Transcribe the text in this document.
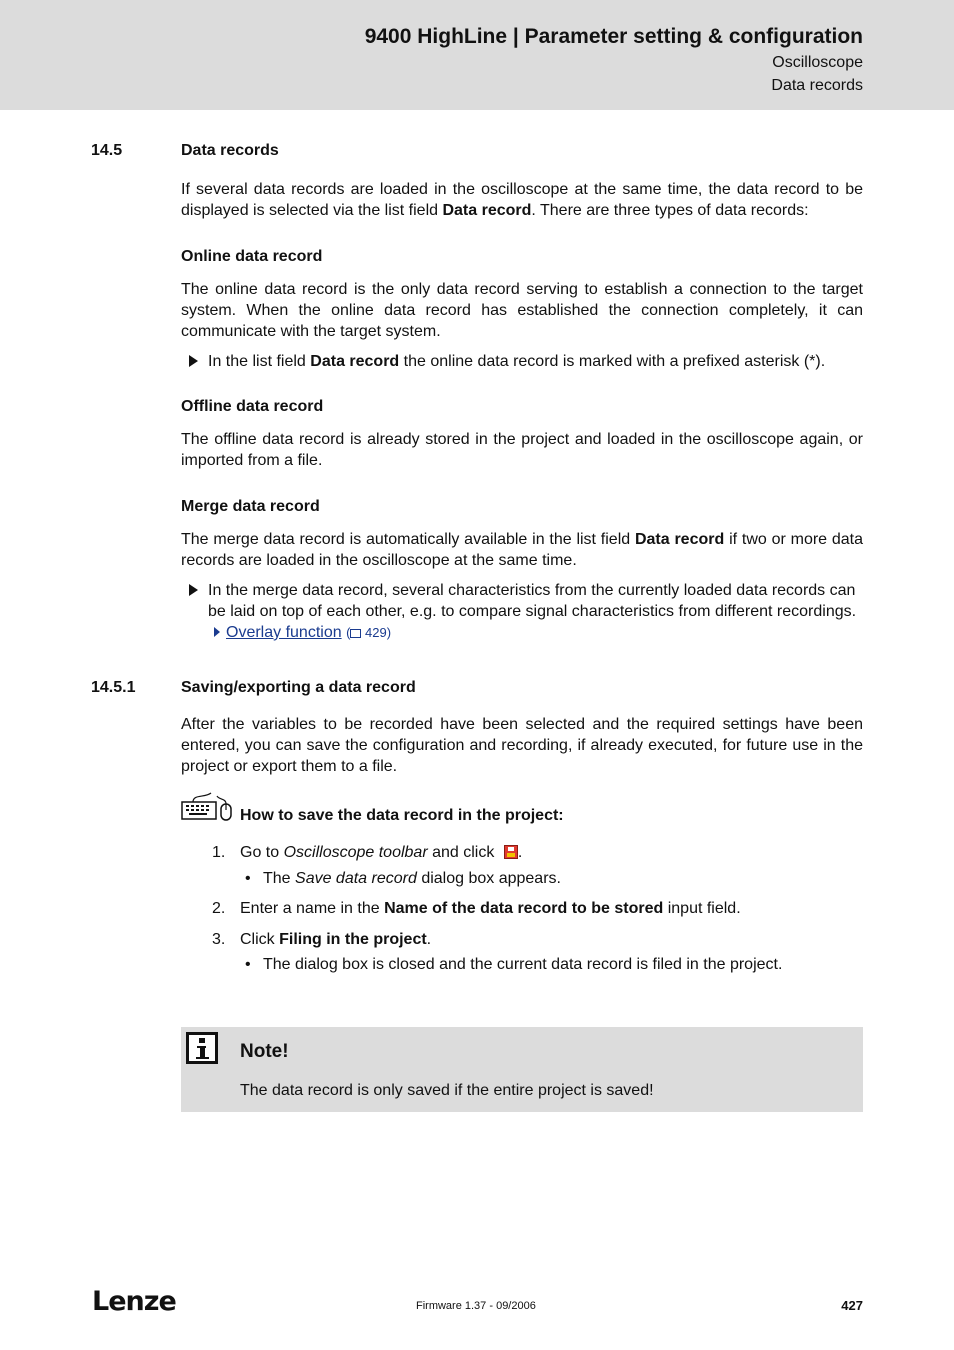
9400 HighLine | Parameter setting & configuration
Oscilloscope
Data records
14.5	Data records
If several data records are loaded in the oscilloscope at the same time, the data record to be displayed is selected via the list field Data record. There are three types of data records:
Online data record
The online data record is the only data record serving to establish a connection to the target system. When the online data record has established the connection completely, it can communicate with the target system.
In the list field Data record the online data record is marked with a prefixed asterisk (*).
Offline data record
The offline data record is already stored in the project and loaded in the oscilloscope again, or imported from a file.
Merge data record
The merge data record is automatically available in the list field Data record if two or more data records are loaded in the oscilloscope at the same time.
In the merge data record, several characteristics from the currently loaded data records can be laid on top of each other, e.g. to compare signal characteristics from different recordings.Overlay function ( 429)
14.5.1	Saving/exporting a data record
After the variables to be recorded have been selected and the required settings have been entered, you can save the configuration and recording, if already executed, for future use in the project or export them to a file.
How to save the data record in the project:
1. Go to Oscilloscope toolbar and click .
• The Save data record dialog box appears.
2. Enter a name in the Name of the data record to be stored input field.
3. Click Filing in the project.
• The dialog box is closed and the current data record is filed in the project.
Note!
The data record is only saved if the entire project is saved!
Lenze	Firmware 1.37 - 09/2006	427
